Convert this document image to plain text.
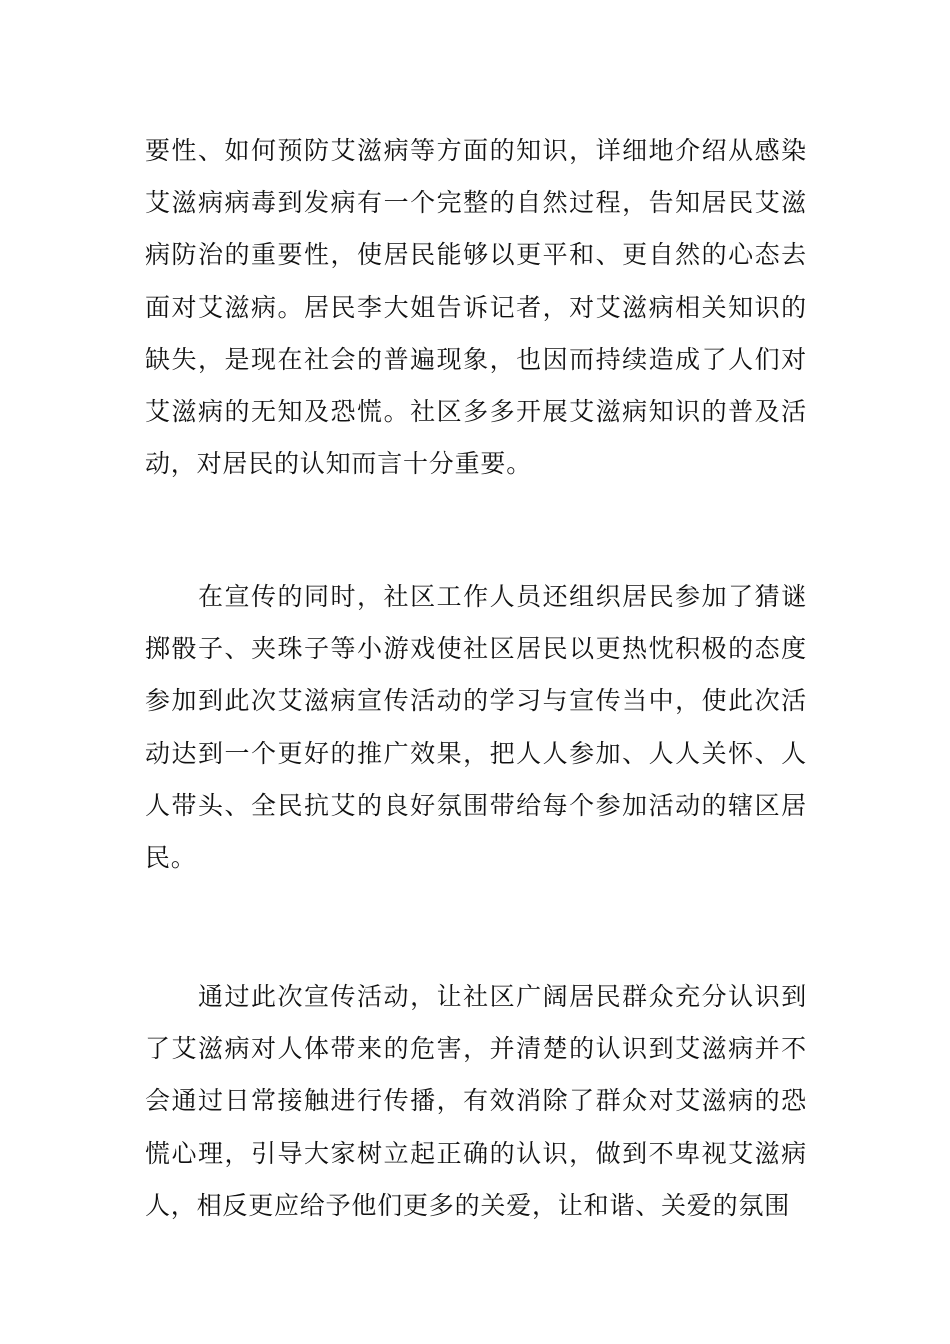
要性、如何预防艾滋病等方面的知识，详细地介绍从感染艾滋病病毒到发病有一个完整的自然过程，告知居民艾滋病防治的重要性，使居民能够以更平和、更自然的心态去面对艾滋病。居民李大姐告诉记者，对艾滋病相关知识的缺失，是现在社会的普遍现象，也因而持续造成了人们对艾滋病的无知及恐慌。社区多多开展艾滋病知识的普及活动，对居民的认知而言十分重要。

在宣传的同时，社区工作人员还组织居民参加了猜谜掷骰子、夹珠子等小游戏使社区居民以更热忱积极的态度参加到此次艾滋病宣传活动的学习与宣传当中，使此次活动达到一个更好的推广效果，把人人参加、人人关怀、人人带头、全民抗艾的良好氛围带给每个参加活动的辖区居民。

通过此次宣传活动，让社区广阔居民群众充分认识到了艾滋病对人体带来的危害，并清楚的认识到艾滋病并不会通过日常接触进行传播，有效消除了群众对艾滋病的恐慌心理，引导大家树立起正确的认识，做到不卑视艾滋病人，相反更应给予他们更多的关爱，让和谐、关爱的氛围
